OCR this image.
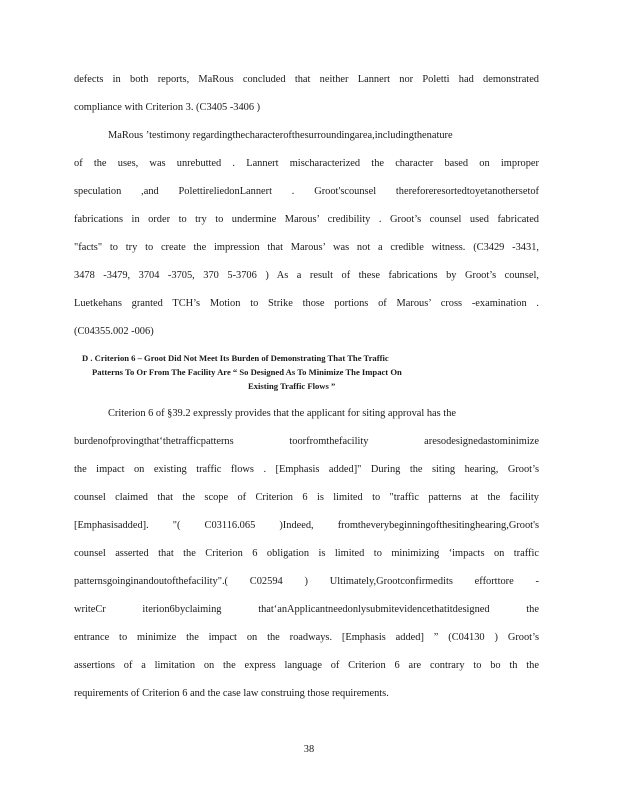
defects in both reports, MaRous concluded that neither Lannert nor Poletti had demonstrated
compliance with Criterion 3. (C3405 -3406 )
MaRous ’testimony regardingthecharacterofthesurroundingarea,includingthenature
of the uses, was unrebutted . Lannert mischaracterized the character based on improper
speculation ,and PolettireliedonLannert . Groot'scounsel thereforeresortedtoyetanothersetof
fabrications in order to try to undermine Marous’ credibility . Groot’s counsel used fabricated
"facts" to try to create the impression that Marous’ was not a credible witness. (C3429 -3431,
3478 -3479, 3704 -3705, 370 5-3706 ) As a result of these fabrications by Groot’s counsel,
Luetkehans granted TCH’s Motion to Strike those portions of Marous’ cross -examination .
(C04355.002 -006)
D . Criterion 6 – Groot Did Not Meet Its Burden of Demonstrating That The Traffic
Patterns To Or From The Facility Are “ So Designed As To Minimize The Impact On
Existing Traffic Flows ”
Criterion 6 of §39.2 expressly provides that the applicant for siting approval has the
burdenofprovingthat‘thetrafficpatterns toorfromthefacility aresodesignedastominimize
the impact on existing traffic flows . [Emphasis added]" During the siting hearing, Groot’s
counsel claimed that the scope of Criterion 6 is limited to "traffic patterns at the facility
[Emphasisadded]. "( C03116.065 )Indeed, fromtheverybeginningofthesitinghearing,Groot's
counsel asserted that the Criterion 6 obligation is limited to minimizing ‘impacts on traffic
patternsgoinginandoutofthefacility".( C02594 ) Ultimately,Grootconfirmedits efforttore -
writeCr iterion6byclaiming that‘anApplicantneedonlysubmitevidencethatitdesigned the
entrance to minimize the impact on the roadways. [Emphasis added] ” (C04130 ) Groot’s
assertions of a limitation on the express language of Criterion 6 are contrary to bo th the
requirements of Criterion 6 and the case law construing those requirements.
38
